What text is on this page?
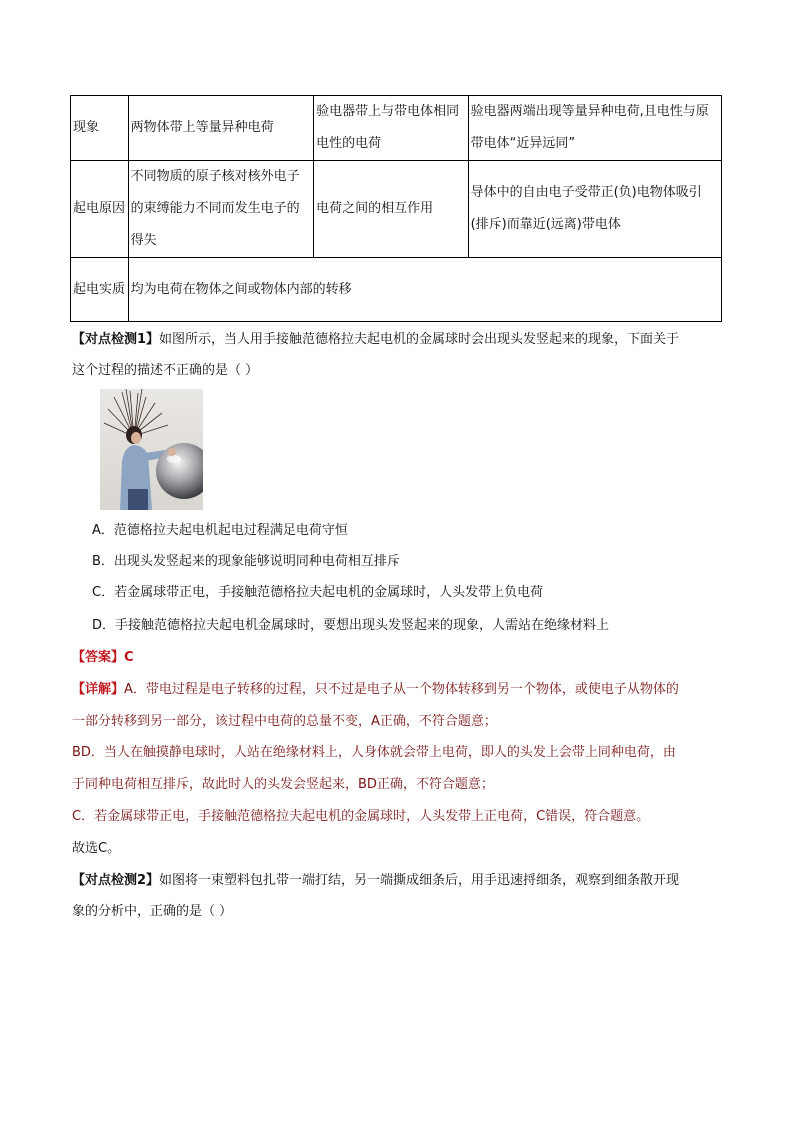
现象	两物体带上等量异种电荷	验电器带上与带电体相同电性的电荷	验电器两端出现等量异种电荷,且电性与原带电体“近异远同”
起电原因	不同物质的原子核对核外电子的束缚能力不同而发生电子的得失	电荷之间的相互作用	导体中的自由电子受带正(负)电物体吸引(排斥)而靠近(远离)带电体
起电实质	均为电荷在物体之间或物体内部的转移		
【对点检测1】如图所示，当人用手接触范德格拉夫起电机的金属球时会出现头发竖起来的现象，下面关于
这个过程的描述不正确的是（ ）
A．范德格拉夫起电机起电过程满足电荷守恒
B．出现头发竖起来的现象能够说明同种电荷相互排斥
C．若金属球带正电，手接触范德格拉夫起电机的金属球时，人头发带上负电荷
D．手接触范德格拉夫起电机金属球时，要想出现头发竖起来的现象，人需站在绝缘材料上
【答案】C
【详解】A．带电过程是电子转移的过程，只不过是电子从一个物体转移到另一个物体，或使电子从物体的
一部分转移到另一部分，该过程中电荷的总量不变，A正确，不符合题意；
BD．当人在触摸静电球时，人站在绝缘材料上，人身体就会带上电荷，即人的头发上会带上同种电荷，由
于同种电荷相互排斥，故此时人的头发会竖起来，BD正确，不符合题意；
C．若金属球带正电，手接触范德格拉夫起电机的金属球时，人头发带上正电荷，C错误，符合题意。
故选C。
【对点检测2】如图将一束塑料包扎带一端打结，另一端撕成细条后，用手迅速捋细条，观察到细条散开现
象的分析中，正确的是（ ）
